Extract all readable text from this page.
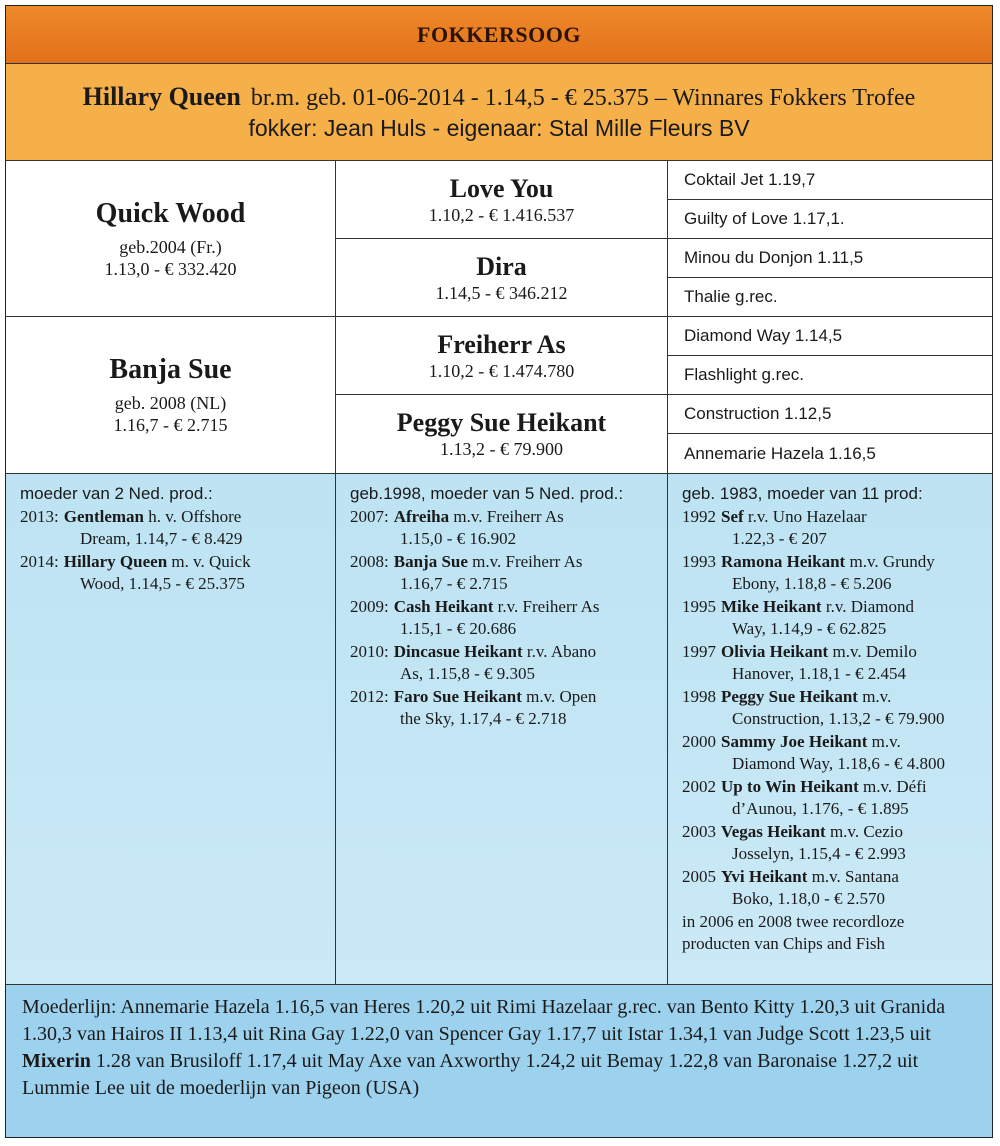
FOKKERSOOG
Hillary Queen br.m. geb. 01-06-2014 - 1.14,5 - € 25.375 – Winnares Fokkers Trofee
fokker: Jean Huls - eigenaar: Stal Mille Fleurs BV
Quick Wood
geb.2004 (Fr.)
1.13,0 - € 332.420
Banja Sue
geb. 2008 (NL)
1.16,7 - € 2.715
Love You
1.10,2 - € 1.416.537
Dira
1.14,5 - € 346.212
Freiherr As
1.10,2 - € 1.474.780
Peggy Sue Heikant
1.13,2 - € 79.900
Coktail Jet 1.19,7
Guilty of Love 1.17,1.
Minou du Donjon 1.11,5
Thalie g.rec.
Diamond Way 1.14,5
Flashlight g.rec.
Construction 1.12,5
Annemarie Hazela 1.16,5
moeder van 2 Ned. prod.:
2013: Gentleman h. v. Offshore
Dream, 1.14,7 - € 8.429
2014: Hillary Queen m. v. Quick
Wood, 1.14,5 - € 25.375
geb.1998, moeder van 5 Ned. prod.:
2007: Afreiha m.v. Freiherr As
1.15,0 - € 16.902
2008: Banja Sue m.v. Freiherr As
1.16,7 - € 2.715
2009: Cash Heikant r.v. Freiherr As
1.15,1 - € 20.686
2010: Dincasue Heikant r.v. Abano
As, 1.15,8 - € 9.305
2012: Faro Sue Heikant m.v. Open
the Sky, 1.17,4 - € 2.718
geb. 1983, moeder van 11 prod:
1992 Sef r.v. Uno Hazelaar
1.22,3 - € 207
1993 Ramona Heikant m.v. Grundy
Ebony, 1.18,8 - € 5.206
1995 Mike Heikant r.v. Diamond
Way, 1.14,9 - € 62.825
1997 Olivia Heikant m.v. Demilo
Hanover, 1.18,1 - € 2.454
1998 Peggy Sue Heikant m.v.
Construction, 1.13,2 - € 79.900
2000 Sammy Joe Heikant m.v.
Diamond Way, 1.18,6 - € 4.800
2002 Up to Win Heikant m.v. Défi
d’Aunou, 1.176, - € 1.895
2003 Vegas Heikant m.v. Cezio
Josselyn, 1.15,4 - € 2.993
2005 Yvi Heikant m.v. Santana
Boko, 1.18,0 - € 2.570
in 2006 en 2008 twee recordloze
producten van Chips and Fish
Moederlijn: Annemarie Hazela 1.16,5 van Heres 1.20,2 uit Rimi Hazelaar g.rec. van Bento Kitty 1.20,3 uit Granida 1.30,3 van Hairos II 1.13,4 uit Rina Gay 1.22,0 van Spencer Gay 1.17,7 uit Istar 1.34,1 van Judge Scott 1.23,5 uit Mixerin 1.28 van Brusiloff 1.17,4 uit May Axe van Axworthy 1.24,2 uit Bemay 1.22,8 van Baronaise 1.27,2 uit Lummie Lee uit de moederlijn van Pigeon (USA)
